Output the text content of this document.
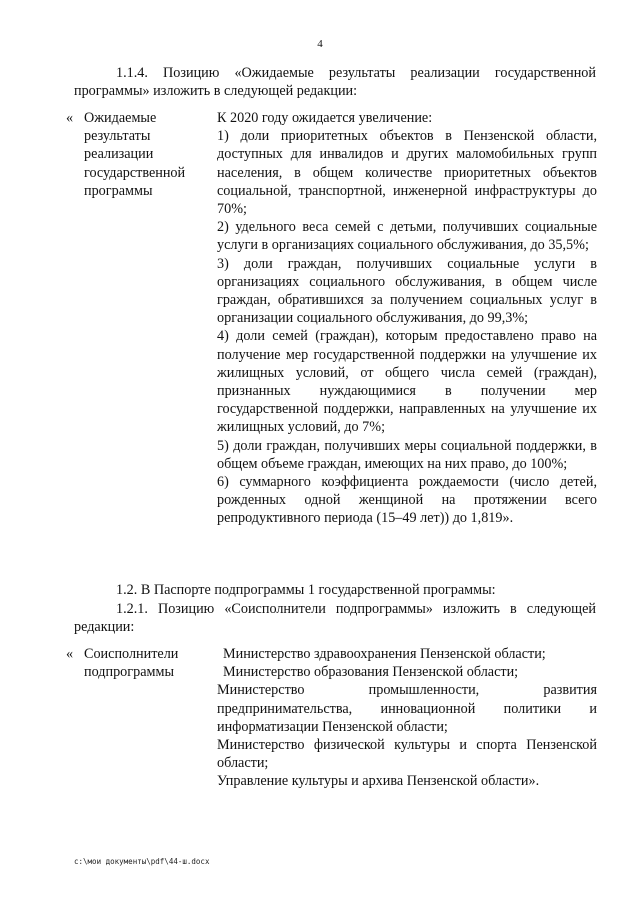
4
1.1.4. Позицию «Ожидаемые результаты реализации государственной
программы» изложить в следующей редакции:
« Ожидаемые
результаты
реализации
государственной
программы

К 2020 году ожидается увеличение:

1) доли приоритетных объектов в Пензенской области, доступных для инвалидов и других маломобильных групп населения, в общем количестве приоритетных объектов социальной, транспортной, инженерной инфраструктуры до 70%;

2) удельного веса семей с детьми, получивших социальные услуги в организациях социального обслуживания, до 35,5%;

3) доли граждан, получивших социальные услуги в организациях социального обслуживания, в общем числе граждан, обратившихся за получением социальных услуг в организации социального обслуживания, до 99,3%;

4) доли семей (граждан), которым предоставлено право на получение мер государственной поддержки на улучшение их жилищных условий, от общего числа семей (граждан), признанных нуждающимися в получении мер государственной поддержки, направленных на улучшение их жилищных условий, до 7%;

5) доли граждан, получивших меры социальной поддержки, в общем объеме граждан, имеющих на них право, до 100%;

6) суммарного коэффициента рождаемости (число детей, рожденных одной женщиной на протяжении всего репродуктивного периода (15–49 лет)) до 1,819».

1.2. В Паспорте подпрограммы 1 государственной программы:
1.2.1. Позицию «Соисполнители подпрограммы» изложить в следующей
редакции:
« Соисполнители
подпрограммы

Министерство здравоохранения Пензенской области;

Министерство образования Пензенской области;

Министерство промышленности, развития предпринимательства, инновационной политики и информатизации Пензенской области;

Министерство физической культуры и спорта Пензенской области;

Управление культуры и архива Пензенской области».

c:\мои документы\pdf\44-ш.docx
